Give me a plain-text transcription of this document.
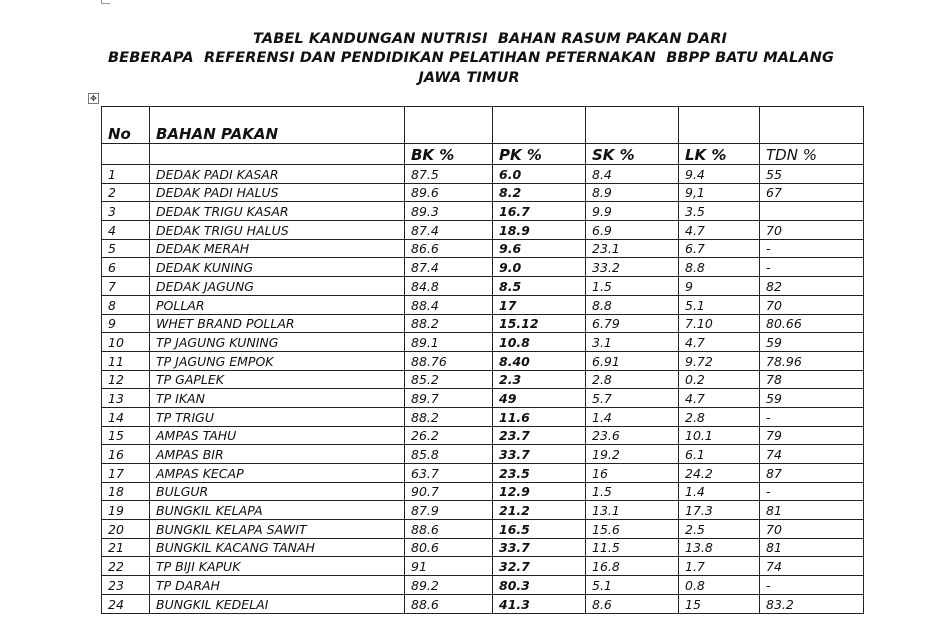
TABEL KANDUNGAN NUTRISI  BAHAN RASUM PAKAN DARI
BEBERAPA  REFERENSI DAN PENDIDIKAN PELATIHAN PETERNAKAN  BBPP BATU MALANG
JAWA TIMUR
✥
No	BAHAN PAKAN					
		BK %	PK %	SK %	LK %	TDN %
1	DEDAK PADI KASAR	87.5	6.0	8.4	9.4	55
2	DEDAK PADI HALUS	89.6	8.2	8.9	9,1	67
3	DEDAK TRIGU KASAR	89.3	16.7	9.9	3.5	
4	DEDAK TRIGU HALUS	87.4	18.9	6.9	4.7	70
5	DEDAK MERAH	86.6	9.6	23.1	6.7	-
6	DEDAK KUNING	87.4	9.0	33.2	8.8	-
7	DEDAK JAGUNG	84.8	8.5	1.5	9	82
8	POLLAR	88.4	17	8.8	5.1	70
9	WHET BRAND POLLAR	88.2	15.12	6.79	7.10	80.66
10	TP JAGUNG KUNING	89.1	10.8	3.1	4.7	59
11	TP JAGUNG EMPOK	88.76	8.40	6.91	9.72	78.96
12	TP GAPLEK	85.2	2.3	2.8	0.2	78
13	TP IKAN	89.7	49	5.7	4.7	59
14	TP TRIGU	88.2	11.6	1.4	2.8	-
15	AMPAS TAHU	26.2	23.7	23.6	10.1	79
16	AMPAS BIR	85.8	33.7	19.2	6.1	74
17	AMPAS KECAP	63.7	23.5	16	24.2	87
18	BULGUR	90.7	12.9	1.5	1.4	-
19	BUNGKIL KELAPA	87.9	21.2	13.1	17.3	81
20	BUNGKIL KELAPA SAWIT	88.6	16.5	15.6	2.5	70
21	BUNGKIL KACANG TANAH	80.6	33.7	11.5	13.8	81
22	TP BIJI KAPUK	91	32.7	16.8	1.7	74
23	TP DARAH	89.2	80.3	5.1	0.8	-
24	BUNGKIL KEDELAI	88.6	41.3	8.6	15	83.2
